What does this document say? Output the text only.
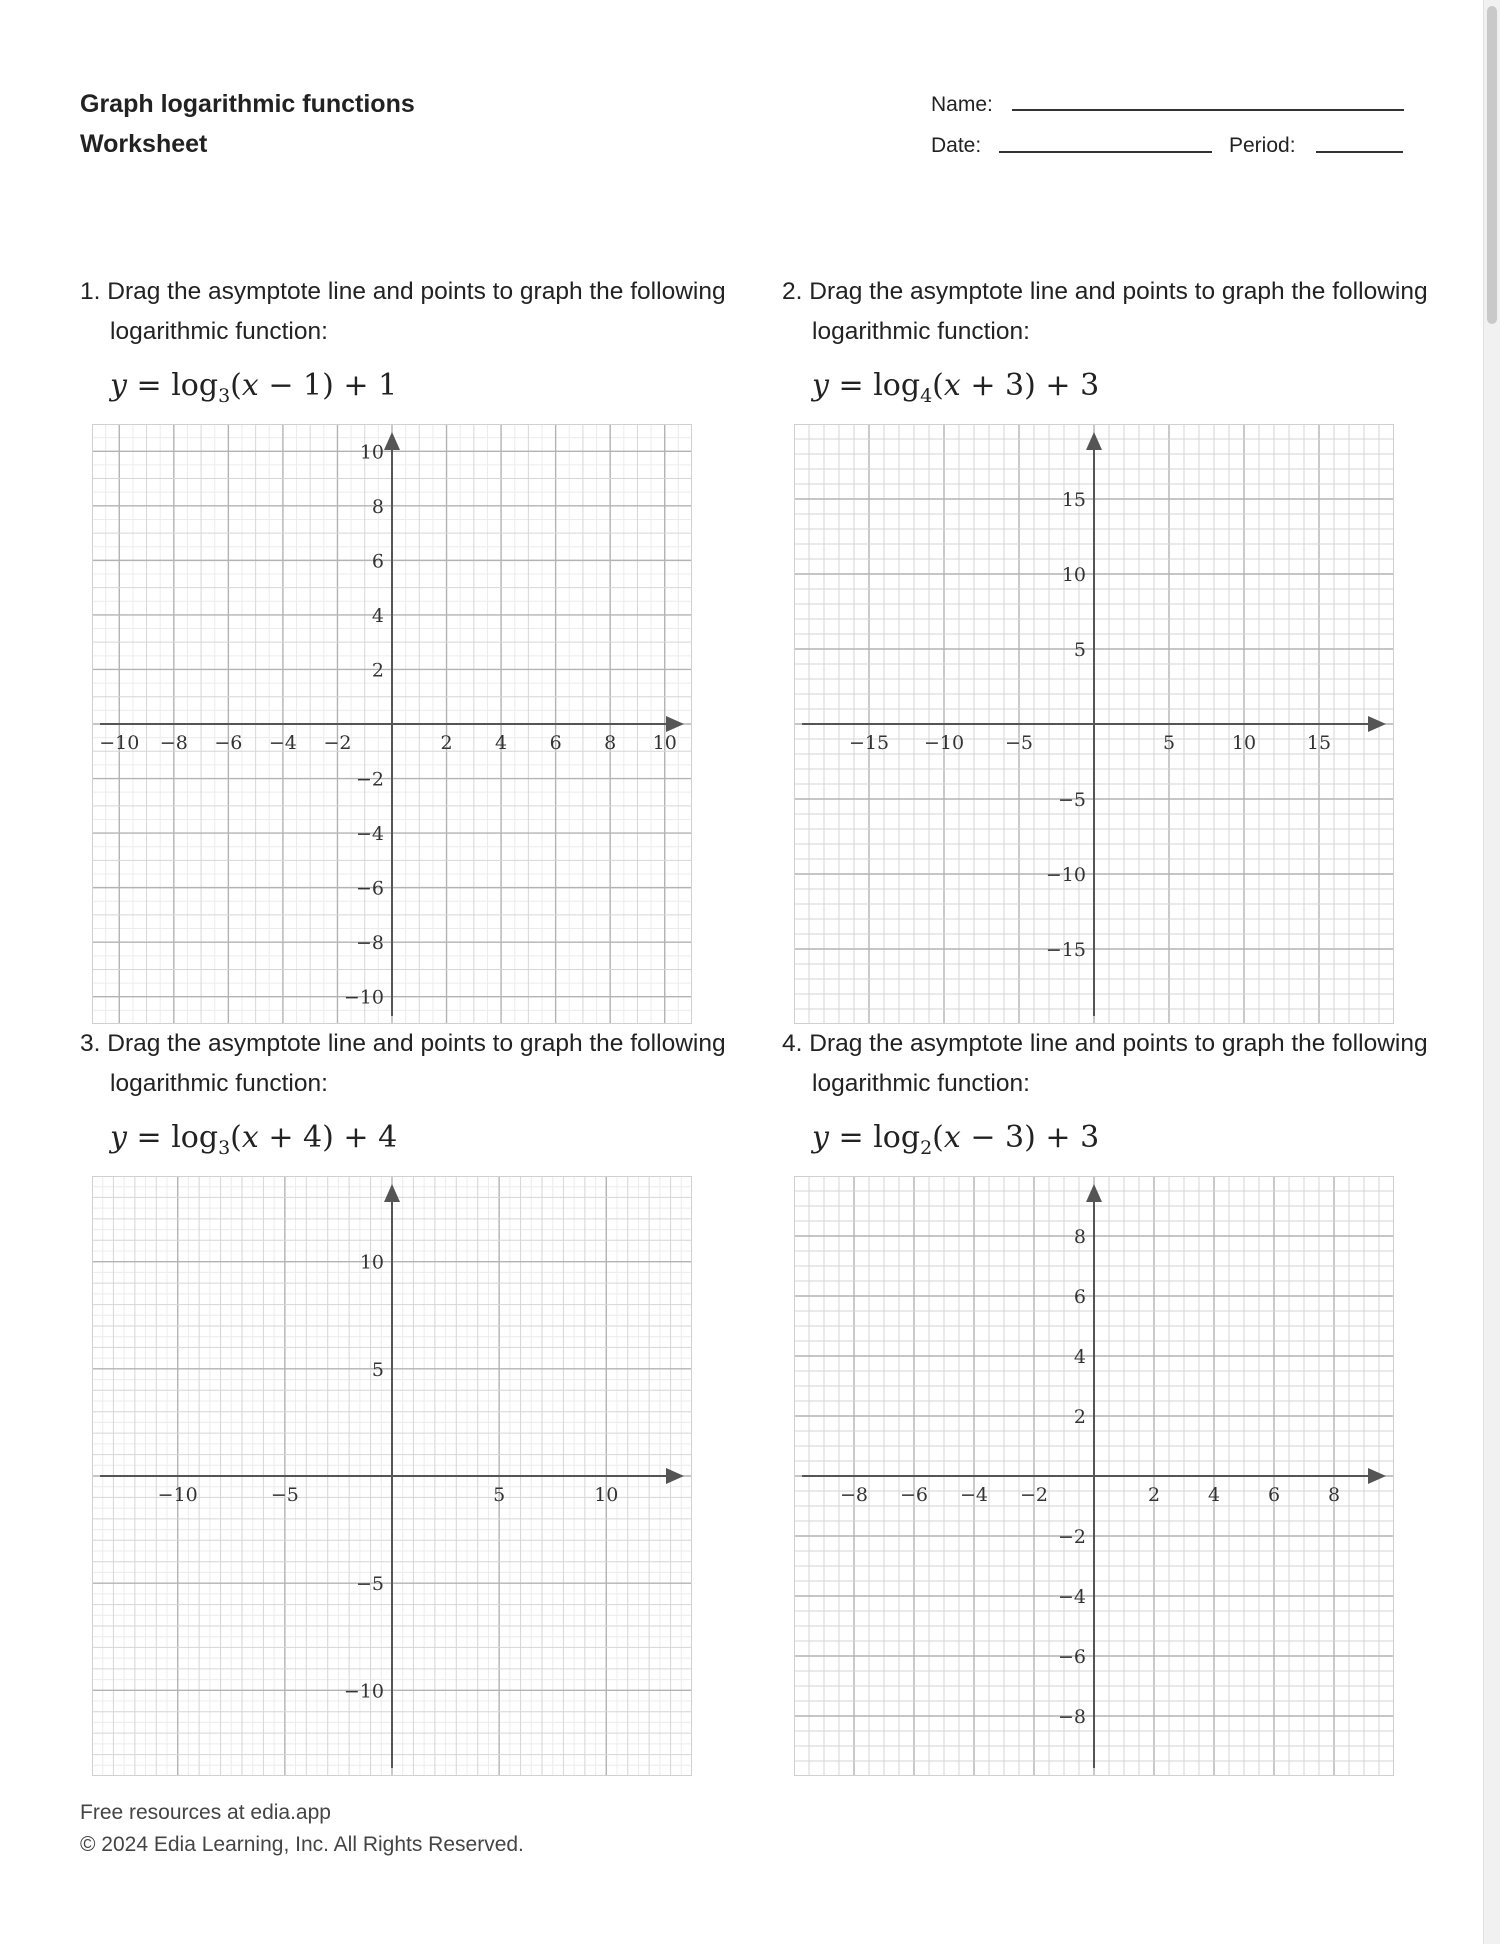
Graph logarithmic functions
Worksheet
Name:
Date:	Period:
1. Drag the asymptote line and points to graph the following logarithmic function:
$y = \log_3(x - 1) + 1$
−10 −8 −6 −4 −2	2 4 6 8 10
10
8
6
4
2
−2
−4
−6
−8
−10
2. Drag the asymptote line and points to graph the following logarithmic function:
$y = \log_4(x + 3) + 3$
−15 −10 −5	5	10	15
15
10
5
−5
−10
−15
3. Drag the asymptote line and points to graph the following logarithmic function:
$y = \log_3(x + 4) + 4$
−10	−5	5	10
10
5
−5
−10
4. Drag the asymptote line and points to graph the following logarithmic function:
$y = \log_2(x - 3) + 3$
−8 −6 −4 −2	2	4	6	8
8
6
4
2
−2
−4
−6
−8
Free resources at edia.app
© 2024 Edia Learning, Inc. All Rights Reserved.
